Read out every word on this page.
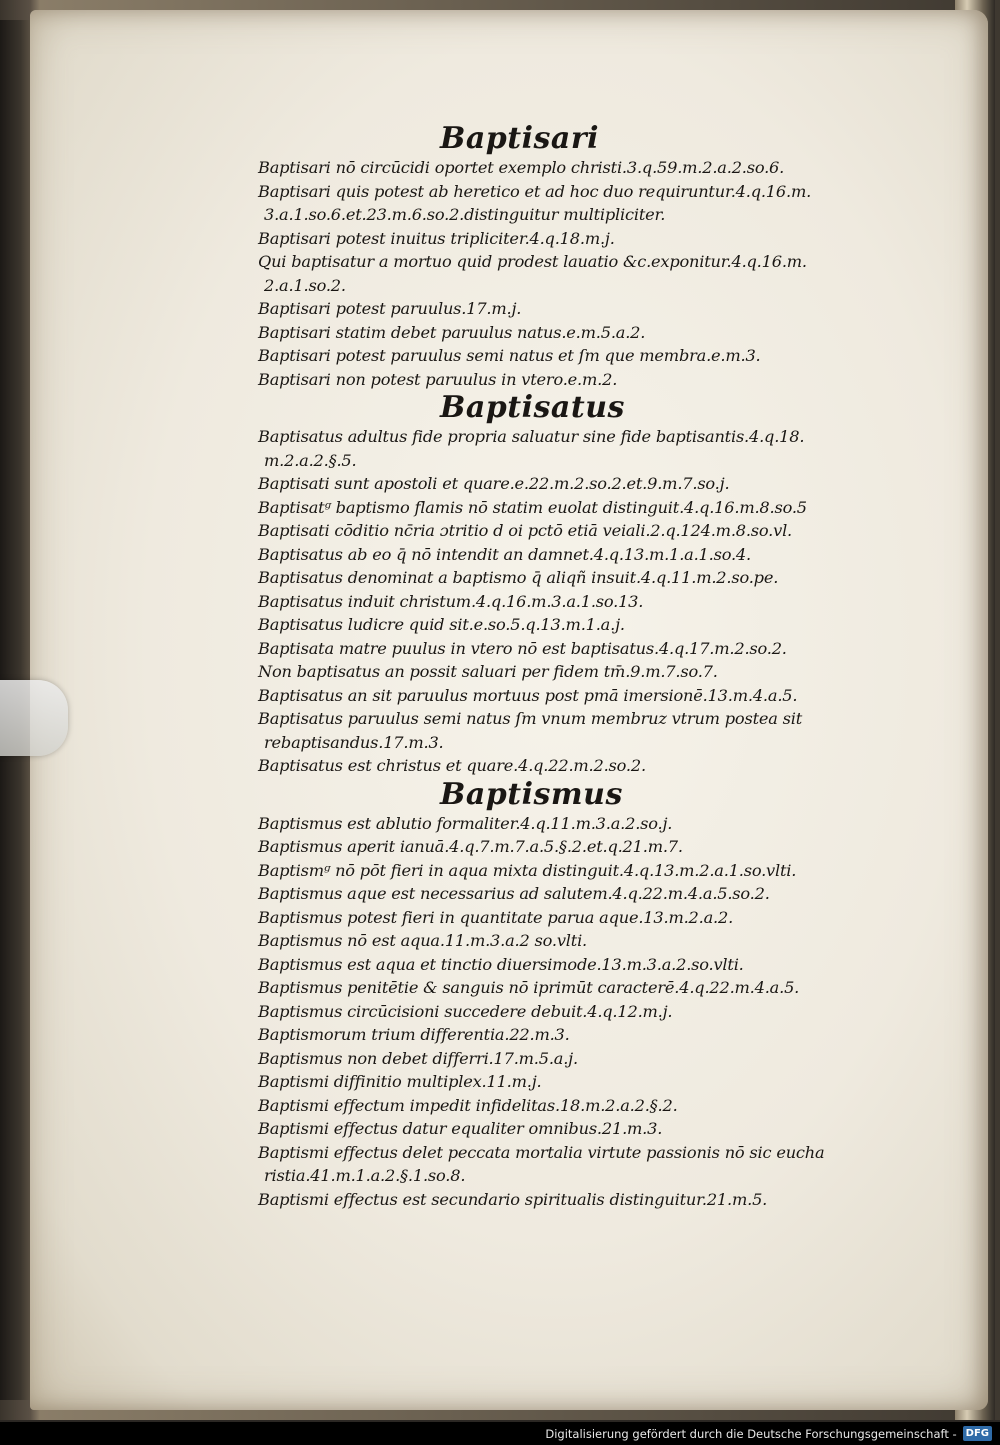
Baptisari
Baptisari nō circūcidi oportet exemplo christi.3.q.59.m.2.a.2.so.6.
Baptisari quis potest ab heretico et ad hoc duo requiruntur.4.q.16.m.
3.a.1.so.6.et.23.m.6.so.2.distinguitur multipliciter.
Baptisari potest inuitus tripliciter.4.q.18.m.j.
Qui baptisatur a mortuo quid prodest lauatio &c.exponitur.4.q.16.m.
2.a.1.so.2.
Baptisari potest paruulus.17.m.j.
Baptisari statim debet paruulus natus.e.m.5.a.2.
Baptisari potest paruulus semi natus et ſm que membra.e.m.3.
Baptisari non potest paruulus in vtero.e.m.2.
Baptisatus
Baptisatus adultus fide propria saluatur sine fide baptisantis.4.q.18.
m.2.a.2.§.5.
Baptisati sunt apostoli et quare.e.22.m.2.so.2.et.9.m.7.so.j.
Baptisatᵍ baptismo flamis nō statim euolat distinguit.4.q.16.m.8.so.5
Baptisati cōditio nc̄ria ɔtritio d oi pctō etiā veiali.2.q.124.m.8.so.vl.
Baptisatus ab eo q̄ nō intendit an damnet.4.q.13.m.1.a.1.so.4.
Baptisatus denominat a baptismo q̄ aliqñ insuit.4.q.11.m.2.so.pe.
Baptisatus induit christum.4.q.16.m.3.a.1.so.13.
Baptisatus ludicre quid sit.e.so.5.q.13.m.1.a.j.
Baptisata matre puulus in vtero nō est baptisatus.4.q.17.m.2.so.2.
Non baptisatus an possit saluari per fidem tm̄.9.m.7.so.7.
Baptisatus an sit paruulus mortuus post pmā imersionē.13.m.4.a.5.
Baptisatus paruulus semi natus ſm vnum membruz vtrum postea sit
rebaptisandus.17.m.3.
Baptisatus est christus et quare.4.q.22.m.2.so.2.
Baptismus
Baptismus est ablutio formaliter.4.q.11.m.3.a.2.so.j.
Baptismus aperit ianuā.4.q.7.m.7.a.5.§.2.et.q.21.m.7.
Baptismᵍ nō pōt fieri in aqua mixta distinguit.4.q.13.m.2.a.1.so.vlti.
Baptismus aque est necessarius ad salutem.4.q.22.m.4.a.5.so.2.
Baptismus potest fieri in quantitate parua aque.13.m.2.a.2.
Baptismus nō est aqua.11.m.3.a.2 so.vlti.
Baptismus est aqua et tinctio diuersimode.13.m.3.a.2.so.vlti.
Baptismus penitētie & sanguis nō iprimūt caracterē.4.q.22.m.4.a.5.
Baptismus circūcisioni succedere debuit.4.q.12.m.j.
Baptismorum trium differentia.22.m.3.
Baptismus non debet differri.17.m.5.a.j.
Baptismi diffinitio multiplex.11.m.j.
Baptismi effectum impedit infidelitas.18.m.2.a.2.§.2.
Baptismi effectus datur equaliter omnibus.21.m.3.
Baptismi effectus delet peccata mortalia virtute passionis nō sic eucha
ristia.41.m.1.a.2.§.1.so.8.
Baptismi effectus est secundario spiritualis distinguitur.21.m.5.
Digitalisierung gefördert durch die Deutsche Forschungsgemeinschaft - DFG
